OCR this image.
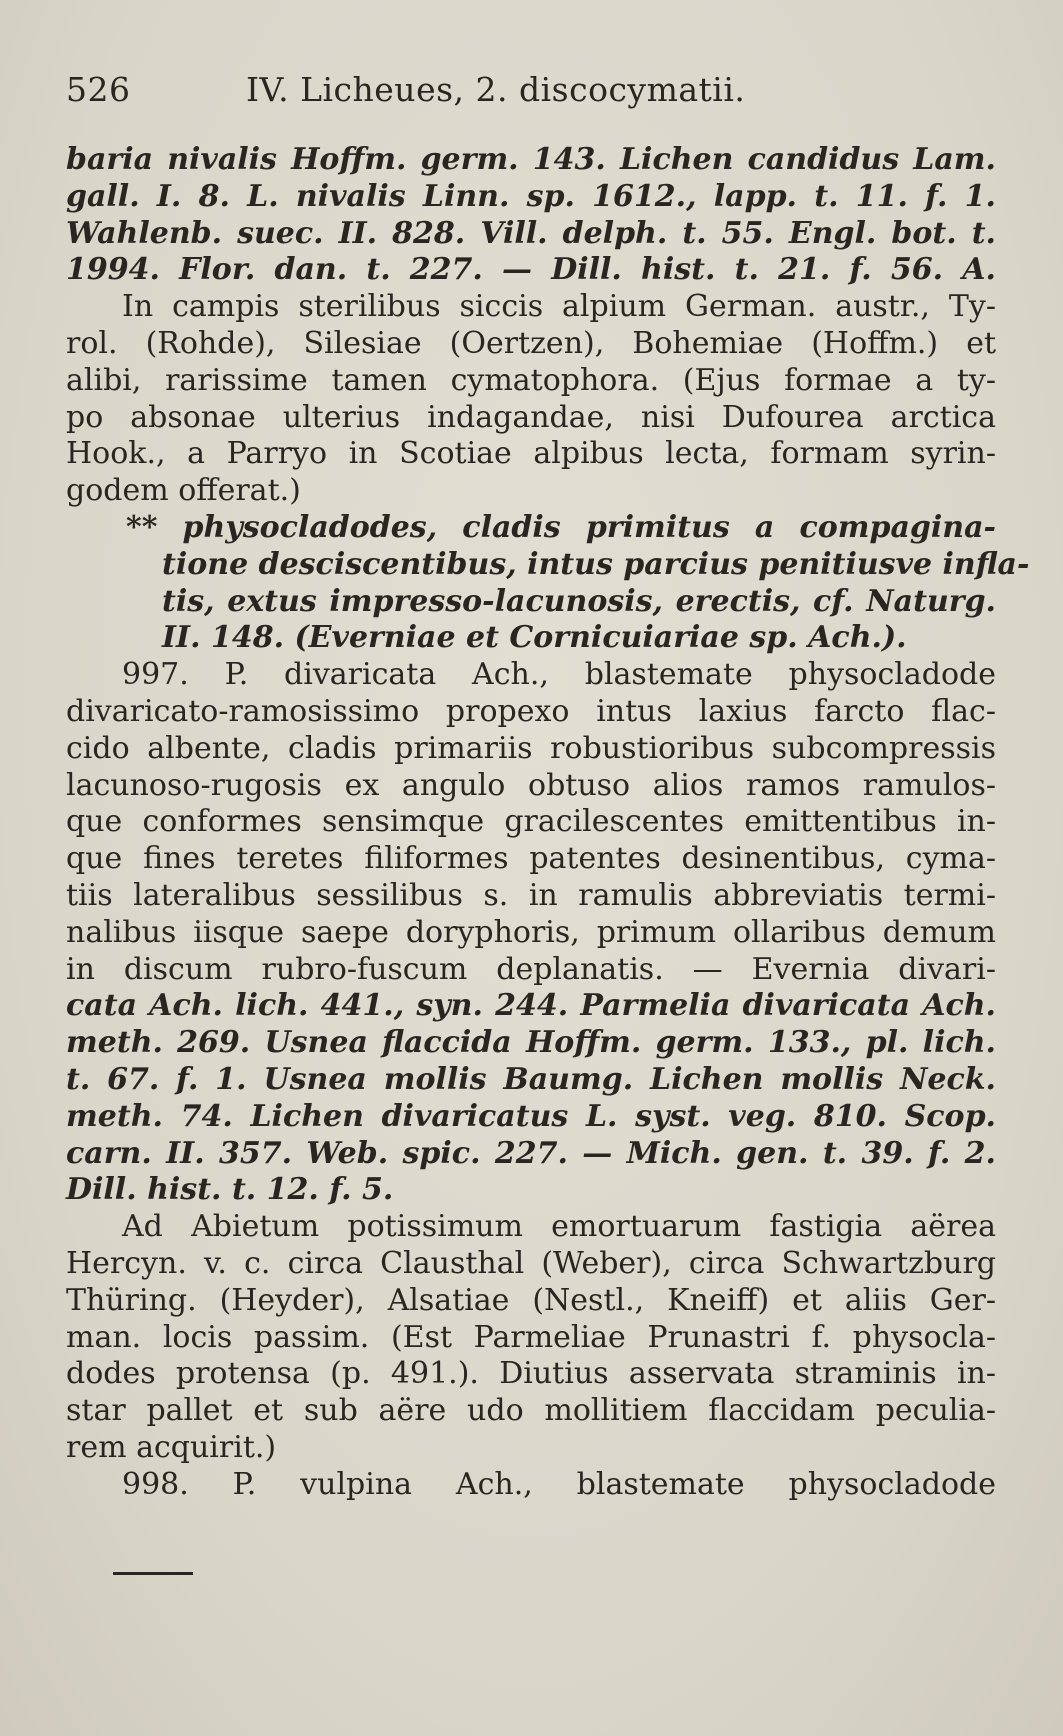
526	IV. Licheues, 2. discocymatii.
baria nivalis Hoffm. germ. 143. Lichen candidus Lam.
gall. I. 8. L. nivalis Linn. sp. 1612., lapp. t. 11. f. 1.
Wahlenb. suec. II. 828. Vill. delph. t. 55. Engl. bot. t.
1994. Flor. dan. t. 227. — Dill. hist. t. 21. f. 56. A.
In campis sterilibus siccis alpium German. austr., Ty-
rol. (Rohde), Silesiae (Oertzen), Bohemiae (Hoffm.) et
alibi, rarissime tamen cymatophora. (Ejus formae a ty-
po absonae ulterius indagandae, nisi Dufourea arctica
Hook., a Parryo in Scotiae alpibus lecta, formam syrin-
godem offerat.)
** physocladodes, cladis primitus a compagina-
tione desciscentibus, intus parcius penitiusve infla-
tis, extus impresso-lacunosis, erectis, cf. Naturg.
II. 148. (Everniae et Cornicuiariae sp. Ach.).
997. P. divaricata Ach., blastemate physocladode
divaricato-ramosissimo propexo intus laxius farcto flac-
cido albente, cladis primariis robustioribus subcompressis
lacunoso-rugosis ex angulo obtuso alios ramos ramulos-
que conformes sensimque gracilescentes emittentibus in-
que fines teretes filiformes patentes desinentibus, cyma-
tiis lateralibus sessilibus s. in ramulis abbreviatis termi-
nalibus iisque saepe doryphoris, primum ollaribus demum
in discum rubro-fuscum deplanatis. — Evernia divari-
cata Ach. lich. 441., syn. 244. Parmelia divaricata Ach.
meth. 269. Usnea flaccida Hoffm. germ. 133., pl. lich.
t. 67. f. 1. Usnea mollis Baumg. Lichen mollis Neck.
meth. 74. Lichen divaricatus L. syst. veg. 810. Scop.
carn. II. 357. Web. spic. 227. — Mich. gen. t. 39. f. 2.
Dill. hist. t. 12. f. 5.
Ad Abietum potissimum emortuarum fastigia aërea
Hercyn. v. c. circa Clausthal (Weber), circa Schwartzburg
Thüring. (Heyder), Alsatiae (Nestl., Kneiff) et aliis Ger-
man. locis passim. (Est Parmeliae Prunastri f. physocla-
dodes protensa (p. 491.). Diutius asservata straminis in-
star pallet et sub aëre udo mollitiem flaccidam peculia-
rem acquirit.)
998. P. vulpina Ach., blastemate physocladode
